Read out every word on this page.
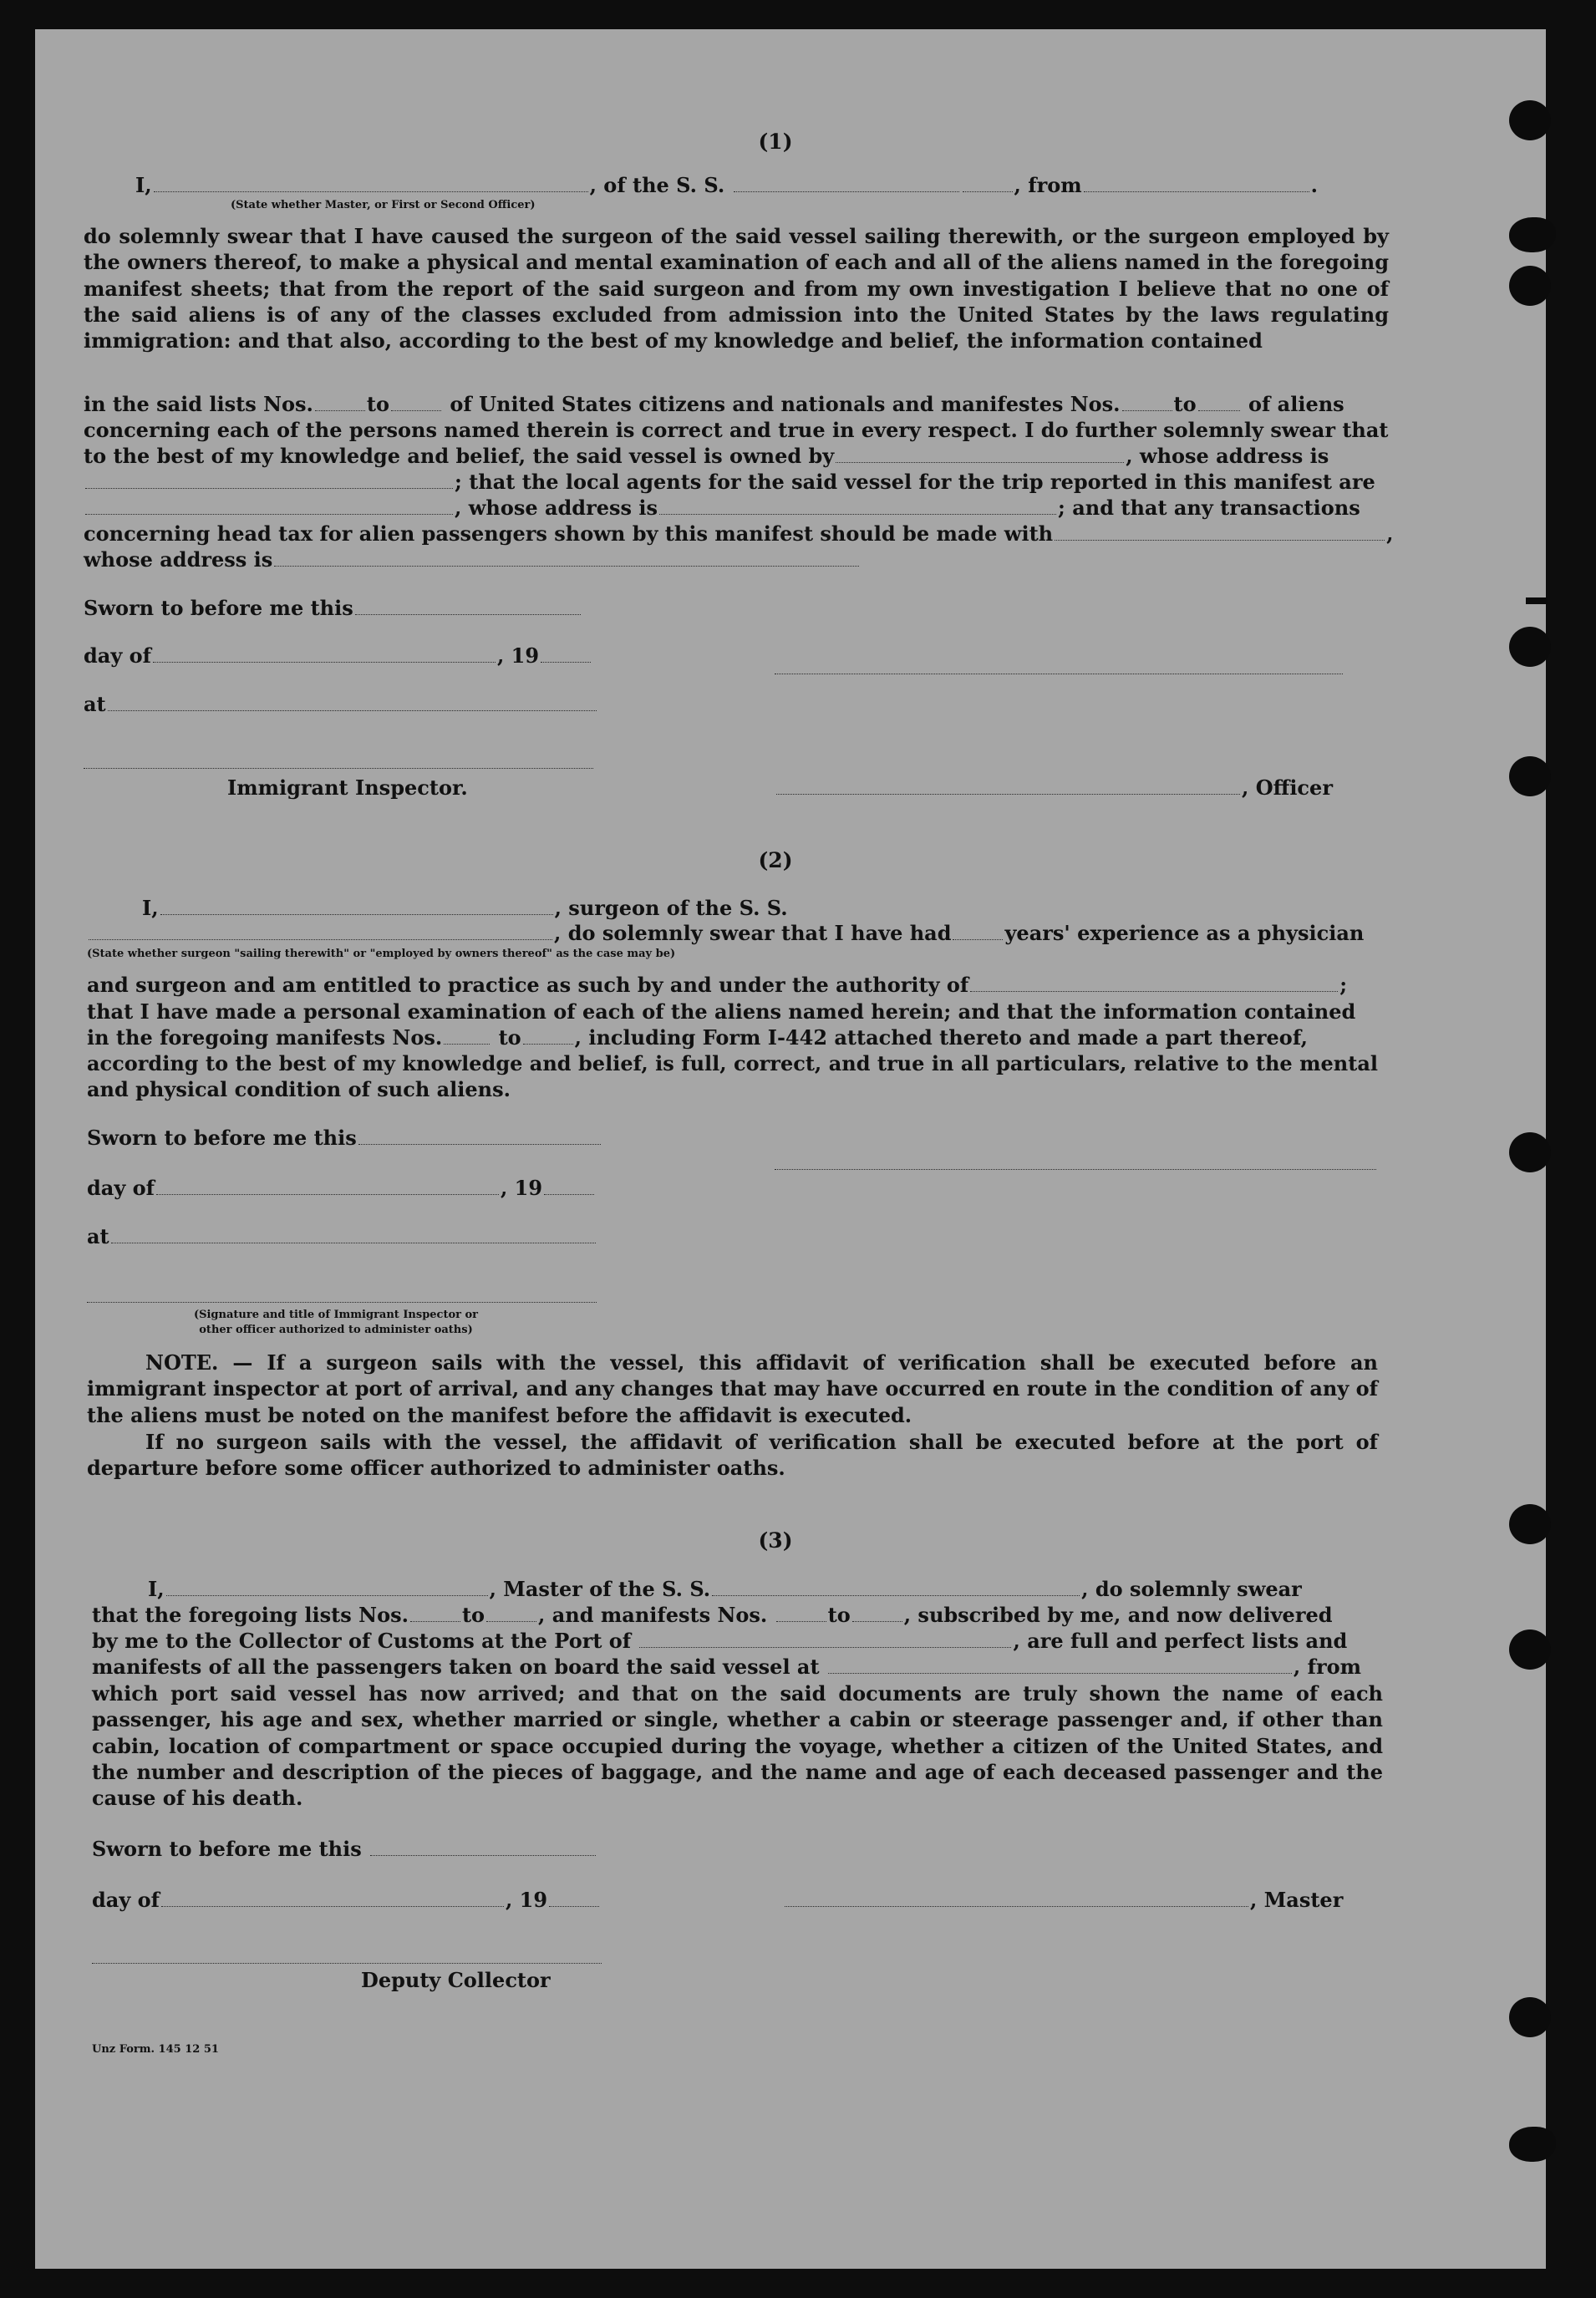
(1)
I,	, of the S. S.	, from	.
(State whether Master, or First or Second Officer)
do solemnly swear that I have caused the surgeon of the said vessel sailing therewith, or the surgeon employed by the owners thereof, to make a physical and mental examination of each and all of the aliens named in the foregoing manifest sheets; that from the report of the said surgeon and from my own investigation I believe that no one of the said aliens is of any of the classes excluded from admission into the United States by the laws regulating immigration: and that also, according to the best of my knowledge and belief, the information contained
in the said lists Nos.	to	of United States citizens and nationals and manifestes Nos.	to	of aliens
concerning each of the persons named therein is correct and true in every respect. I do further solemnly swear that
to the best of my knowledge and belief, the said vessel is owned by	, whose address is
; that the local agents for the said vessel for the trip reported in this manifest are
, whose address is	; and that any transactions
concerning head tax for alien passengers shown by this manifest should be made with	,
whose address is
Sworn to before me this
day of	, 19
at
Immigrant Inspector.	, Officer
(2)
I,	, surgeon of the S. S.
, do solemnly swear that I have had	years' experience as a physician
(State whether surgeon "sailing therewith" or "employed by owners thereof" as the case may be)
and surgeon and am entitled to practice as such by and under the authority of	;
that I have made a personal examination of each of the aliens named herein; and that the information contained
in the foregoing manifests Nos.	to	, including Form I-442 attached thereto and made a part thereof,
according to the best of my knowledge and belief, is full, correct, and true in all particulars, relative to the mental and physical condition of such aliens.
Sworn to before me this
day of	, 19
at
(Signature and title of Immigrant Inspector or other officer authorized to administer oaths)
NOTE. — If a surgeon sails with the vessel, this affidavit of verification shall be executed before an immigrant inspector at port of arrival, and any changes that may have occurred en route in the condition of any of the aliens must be noted on the manifest before the affidavit is executed.
If no surgeon sails with the vessel, the affidavit of verification shall be executed before at the port of departure before some officer authorized to administer oaths.
(3)
I,	, Master of the S. S.	, do solemnly swear
that the foregoing lists Nos.	to	, and manifests Nos.	to	, subscribed by me, and now delivered
by me to the Collector of Customs at the Port of	, are full and perfect lists and
manifests of all the passengers taken on board the said vessel at	, from
which port said vessel has now arrived; and that on the said documents are truly shown the name of each passenger, his age and sex, whether married or single, whether a cabin or steerage passenger and, if other than cabin, location of compartment or space occupied during the voyage, whether a citizen of the United States, and the number and description of the pieces of baggage, and the name and age of each deceased passenger and the cause of his death.
Sworn to before me this
day of	, 19	, Master
Deputy Collector
Unz Form. 145 12 51
